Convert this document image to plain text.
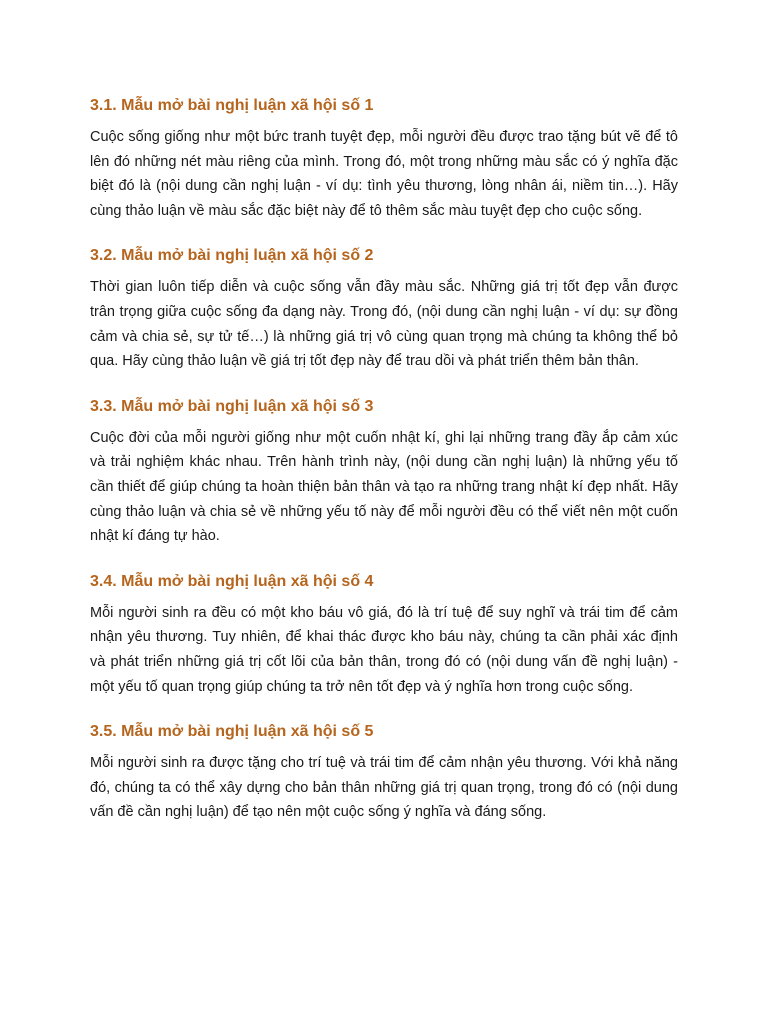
3.1. Mẫu mở bài nghị luận xã hội số 1

Cuộc sống giống như một bức tranh tuyệt đẹp, mỗi người đều được trao tặng bút vẽ để tô lên đó những nét màu riêng của mình. Trong đó, một trong những màu sắc có ý nghĩa đặc biệt đó là (nội dung cần nghị luận - ví dụ: tình yêu thương, lòng nhân ái, niềm tin…). Hãy cùng thảo luận về màu sắc đặc biệt này để tô thêm sắc màu tuyệt đẹp cho cuộc sống.

3.2. Mẫu mở bài nghị luận xã hội số 2

Thời gian luôn tiếp diễn và cuộc sống vẫn đầy màu sắc. Những giá trị tốt đẹp vẫn được trân trọng giữa cuộc sống đa dạng này. Trong đó, (nội dung cần nghị luận - ví dụ: sự đồng cảm và chia sẻ, sự tử tế…) là những giá trị vô cùng quan trọng mà chúng ta không thể bỏ qua. Hãy cùng thảo luận về giá trị tốt đẹp này để trau dồi và phát triển thêm bản thân.

3.3. Mẫu mở bài nghị luận xã hội số 3

Cuộc đời của mỗi người giống như một cuốn nhật kí, ghi lại những trang đầy ắp cảm xúc và trải nghiệm khác nhau. Trên hành trình này, (nội dung cần nghị luận) là những yếu tố cần thiết để giúp chúng ta hoàn thiện bản thân và tạo ra những trang nhật kí đẹp nhất. Hãy cùng thảo luận và chia sẻ về những yếu tố này để mỗi người đều có thể viết nên một cuốn nhật kí đáng tự hào.

3.4. Mẫu mở bài nghị luận xã hội số 4

Mỗi người sinh ra đều có một kho báu vô giá, đó là trí tuệ để suy nghĩ và trái tim để cảm nhận yêu thương. Tuy nhiên, để khai thác được kho báu này, chúng ta cần phải xác định và phát triển những giá trị cốt lõi của bản thân, trong đó có (nội dung vấn đề nghị luận) - một yếu tố quan trọng giúp chúng ta trở nên tốt đẹp và ý nghĩa hơn trong cuộc sống.

3.5. Mẫu mở bài nghị luận xã hội số 5

Mỗi người sinh ra được tặng cho trí tuệ và trái tim để cảm nhận yêu thương. Với khả năng đó, chúng ta có thể xây dựng cho bản thân những giá trị quan trọng, trong đó có (nội dung vấn đề cần nghị luận) để tạo nên một cuộc sống ý nghĩa và đáng sống.
